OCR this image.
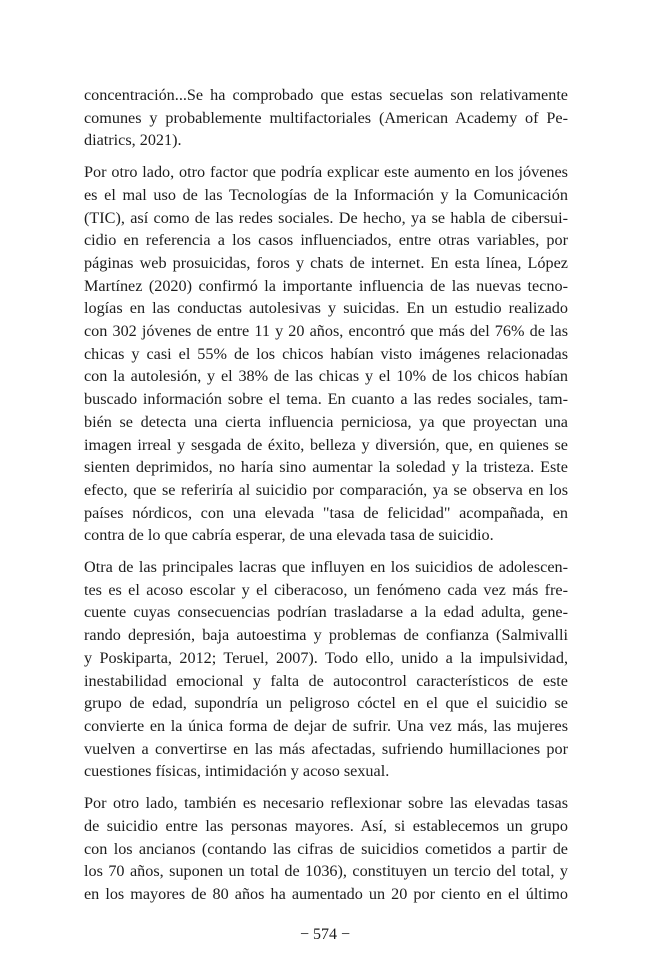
concentración...Se ha comprobado que estas secuelas son relativamente
comunes y probablemente multifactoriales (American Academy of Pe-
diatrics, 2021).

Por otro lado, otro factor que podría explicar este aumento en los jóvenes
es el mal uso de las Tecnologías de la Información y la Comunicación
(TIC), así como de las redes sociales. De hecho, ya se habla de cibersui-
cidio en referencia a los casos influenciados, entre otras variables, por
páginas web prosuicidas, foros y chats de internet. En esta línea, López
Martínez (2020) confirmó la importante influencia de las nuevas tecno-
logías en las conductas autolesivas y suicidas. En un estudio realizado
con 302 jóvenes de entre 11 y 20 años, encontró que más del 76% de las
chicas y casi el 55% de los chicos habían visto imágenes relacionadas
con la autolesión, y el 38% de las chicas y el 10% de los chicos habían
buscado información sobre el tema. En cuanto a las redes sociales, tam-
bién se detecta una cierta influencia perniciosa, ya que proyectan una
imagen irreal y sesgada de éxito, belleza y diversión, que, en quienes se
sienten deprimidos, no haría sino aumentar la soledad y la tristeza. Este
efecto, que se referiría al suicidio por comparación, ya se observa en los
países nórdicos, con una elevada "tasa de felicidad" acompañada, en
contra de lo que cabría esperar, de una elevada tasa de suicidio.

Otra de las principales lacras que influyen en los suicidios de adolescen-
tes es el acoso escolar y el ciberacoso, un fenómeno cada vez más fre-
cuente cuyas consecuencias podrían trasladarse a la edad adulta, gene-
rando depresión, baja autoestima y problemas de confianza (Salmivalli
y Poskiparta, 2012; Teruel, 2007). Todo ello, unido a la impulsividad,
inestabilidad emocional y falta de autocontrol característicos de este
grupo de edad, supondría un peligroso cóctel en el que el suicidio se
convierte en la única forma de dejar de sufrir. Una vez más, las mujeres
vuelven a convertirse en las más afectadas, sufriendo humillaciones por
cuestiones físicas, intimidación y acoso sexual.

Por otro lado, también es necesario reflexionar sobre las elevadas tasas
de suicidio entre las personas mayores. Así, si establecemos un grupo
con los ancianos (contando las cifras de suicidios cometidos a partir de
los 70 años, suponen un total de 1036), constituyen un tercio del total, y
en los mayores de 80 años ha aumentado un 20 por ciento en el último

− 574 −
